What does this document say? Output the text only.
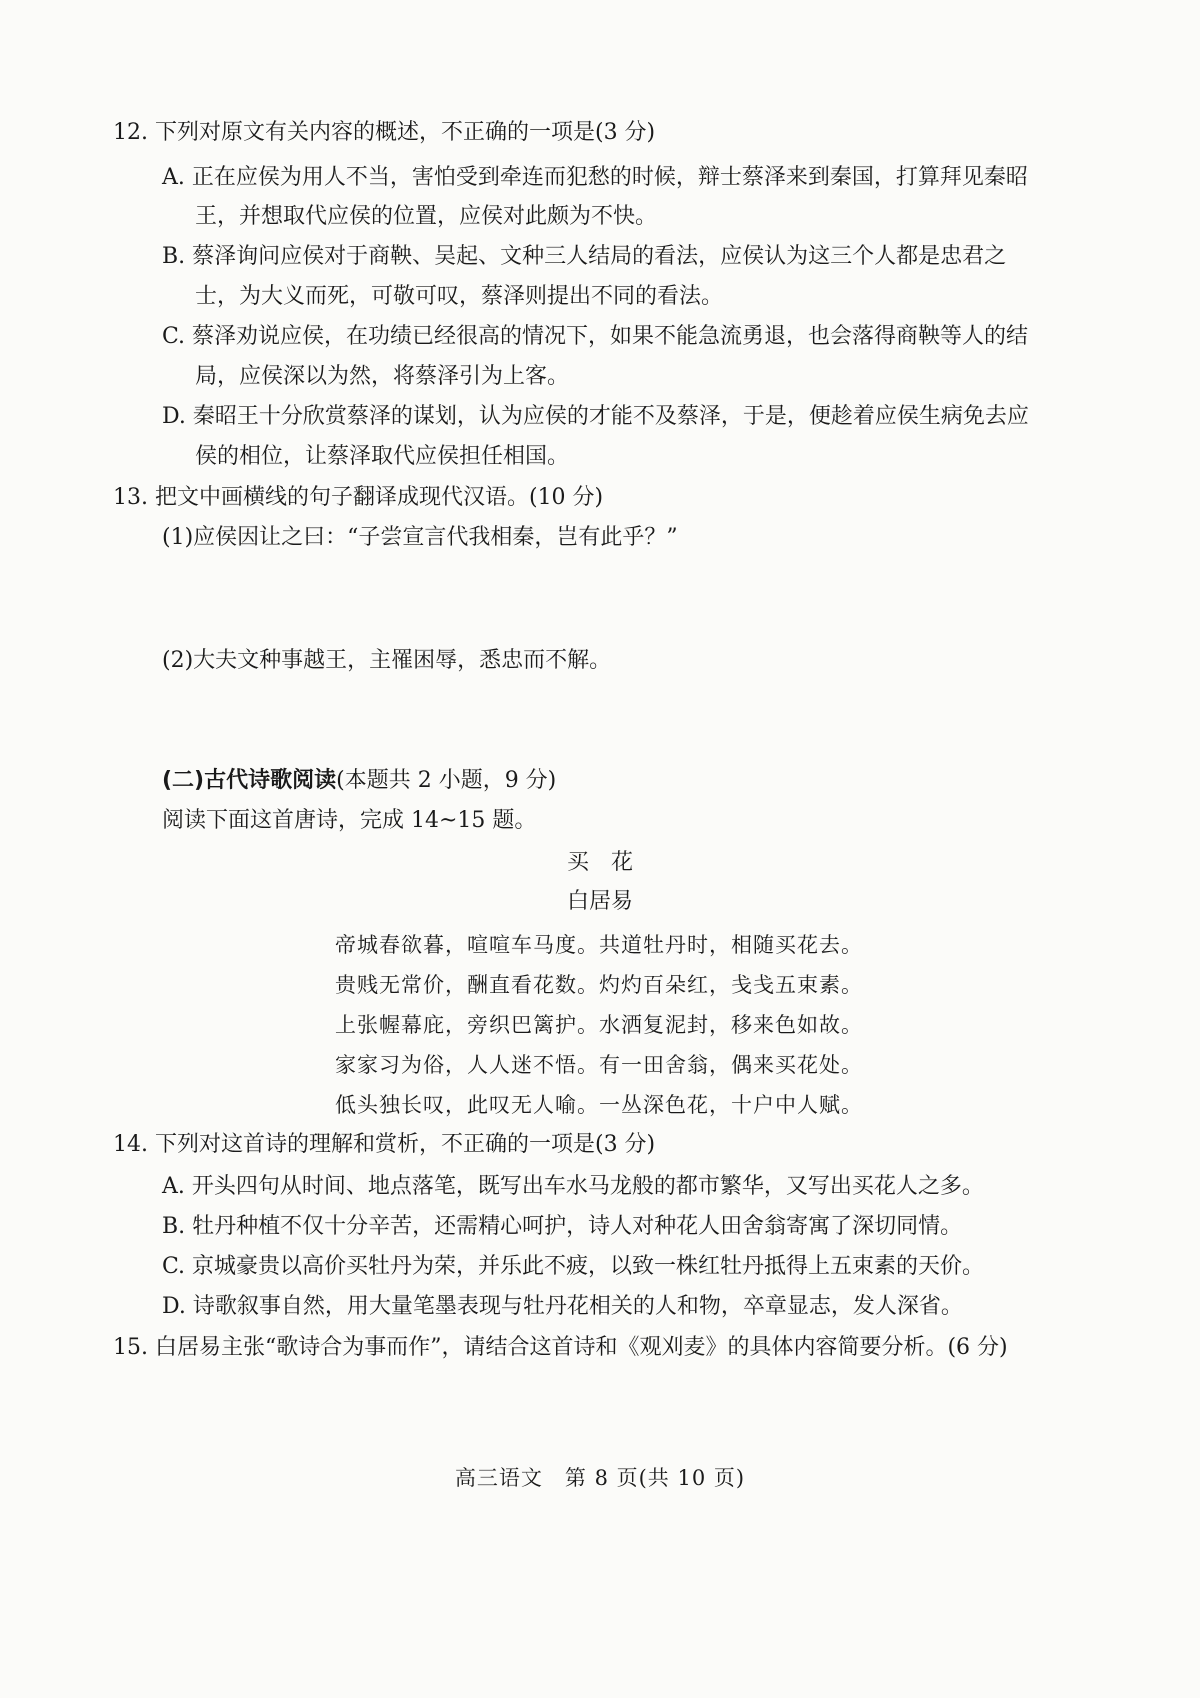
12. 下列对原文有关内容的概述，不正确的一项是(3 分)
A. 正在应侯为用人不当，害怕受到牵连而犯愁的时候，辩士蔡泽来到秦国，打算拜见秦昭
王，并想取代应侯的位置，应侯对此颇为不快。
B. 蔡泽询问应侯对于商鞅、吴起、文种三人结局的看法，应侯认为这三个人都是忠君之
士，为大义而死，可敬可叹，蔡泽则提出不同的看法。
C. 蔡泽劝说应侯，在功绩已经很高的情况下，如果不能急流勇退，也会落得商鞅等人的结
局，应侯深以为然，将蔡泽引为上客。
D. 秦昭王十分欣赏蔡泽的谋划，认为应侯的才能不及蔡泽，于是，便趁着应侯生病免去应
侯的相位，让蔡泽取代应侯担任相国。
13. 把文中画横线的句子翻译成现代汉语。(10 分)
(1)应侯因让之曰：“子尝宣言代我相秦，岂有此乎？”
(2)大夫文种事越王，主罹困辱，悉忠而不解。
(二)古代诗歌阅读(本题共 2 小题，9 分)
阅读下面这首唐诗，完成 14~15 题。
买　花
白居易
帝城春欲暮，喧喧车马度。共道牡丹时，相随买花去。
贵贱无常价，酬直看花数。灼灼百朵红，戋戋五束素。
上张幄幕庇，旁织巴篱护。水洒复泥封，移来色如故。
家家习为俗，人人迷不悟。有一田舍翁，偶来买花处。
低头独长叹，此叹无人喻。一丛深色花，十户中人赋。
14. 下列对这首诗的理解和赏析，不正确的一项是(3 分)
A. 开头四句从时间、地点落笔，既写出车水马龙般的都市繁华，又写出买花人之多。
B. 牡丹种植不仅十分辛苦，还需精心呵护，诗人对种花人田舍翁寄寓了深切同情。
C. 京城豪贵以高价买牡丹为荣，并乐此不疲，以致一株红牡丹抵得上五束素的天价。
D. 诗歌叙事自然，用大量笔墨表现与牡丹花相关的人和物，卒章显志，发人深省。
15. 白居易主张“歌诗合为事而作”，请结合这首诗和《观刈麦》的具体内容简要分析。(6 分)
高三语文　第 8 页(共 10 页)
